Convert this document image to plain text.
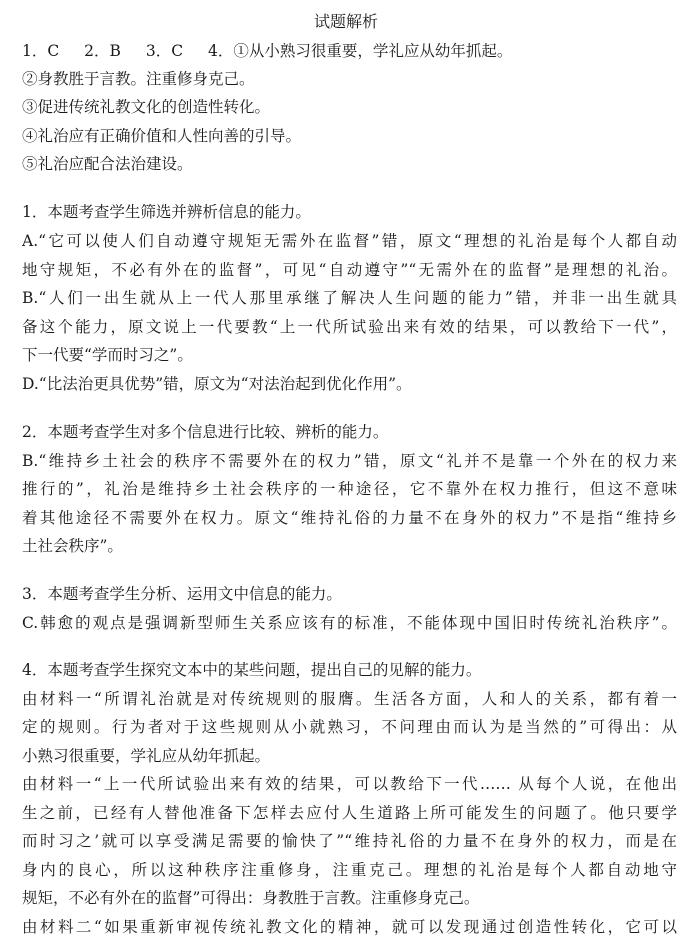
试题解析
1．C 2．B 3．C 4．①从小熟习很重要，学礼应从幼年抓起。
②身教胜于言教。注重修身克己。
③促进传统礼教文化的创造性转化。
④礼治应有正确价值和人性向善的引导。
⑤礼治应配合法治建设。
1．本题考查学生筛选并辨析信息的能力。
A.“它可以使人们自动遵守规矩无需外在监督”错，原文“理想的礼治是每个人都自动
地守规矩，不必有外在的监督”，可见“自动遵守”“无需外在的监督”是理想的礼治。
B.“人们一出生就从上一代人那里承继了解决人生问题的能力”错，并非一出生就具
备这个能力，原文说上一代要教“上一代所试验出来有效的结果，可以教给下一代”，
下一代要“学而时习之”。
D.“比法治更具优势”错，原文为“对法治起到优化作用”。
2．本题考查学生对多个信息进行比较、辨析的能力。
B.“维持乡土社会的秩序不需要外在的权力”错，原文“礼并不是靠一个外在的权力来
推行的”，礼治是维持乡土社会秩序的一种途径，它不靠外在权力推行，但这不意味
着其他途径不需要外在权力。原文“维持礼俗的力量不在身外的权力”不是指“维持乡
土社会秩序”。
3．本题考查学生分析、运用文中信息的能力。
C.韩愈的观点是强调新型师生关系应该有的标准，不能体现中国旧时传统礼治秩序”。
4．本题考查学生探究文本中的某些问题，提出自己的见解的能力。
由材料一“所谓礼治就是对传统规则的服膺。生活各方面，人和人的关系，都有着一
定的规则。行为者对于这些规则从小就熟习，不问理由而认为是当然的”可得出：从
小熟习很重要，学礼应从幼年抓起。
由材料一“上一代所试验出来有效的结果，可以教给下一代…… 从每个人说，在他出
生之前，已经有人替他准备下怎样去应付人生道路上所可能发生的问题了。他只要学
而时习之’就可以享受满足需要的愉快了”“维持礼俗的力量不在身外的权力，而是在
身内的良心，所以这种秩序注重修身，注重克己。理想的礼治是每个人都自动地守
规矩，不必有外在的监督”可得出：身教胜于言教。注重修身克己。
由材料二“如果重新审视传统礼教文化的精神，就可以发现通过创造性转化，它可以
